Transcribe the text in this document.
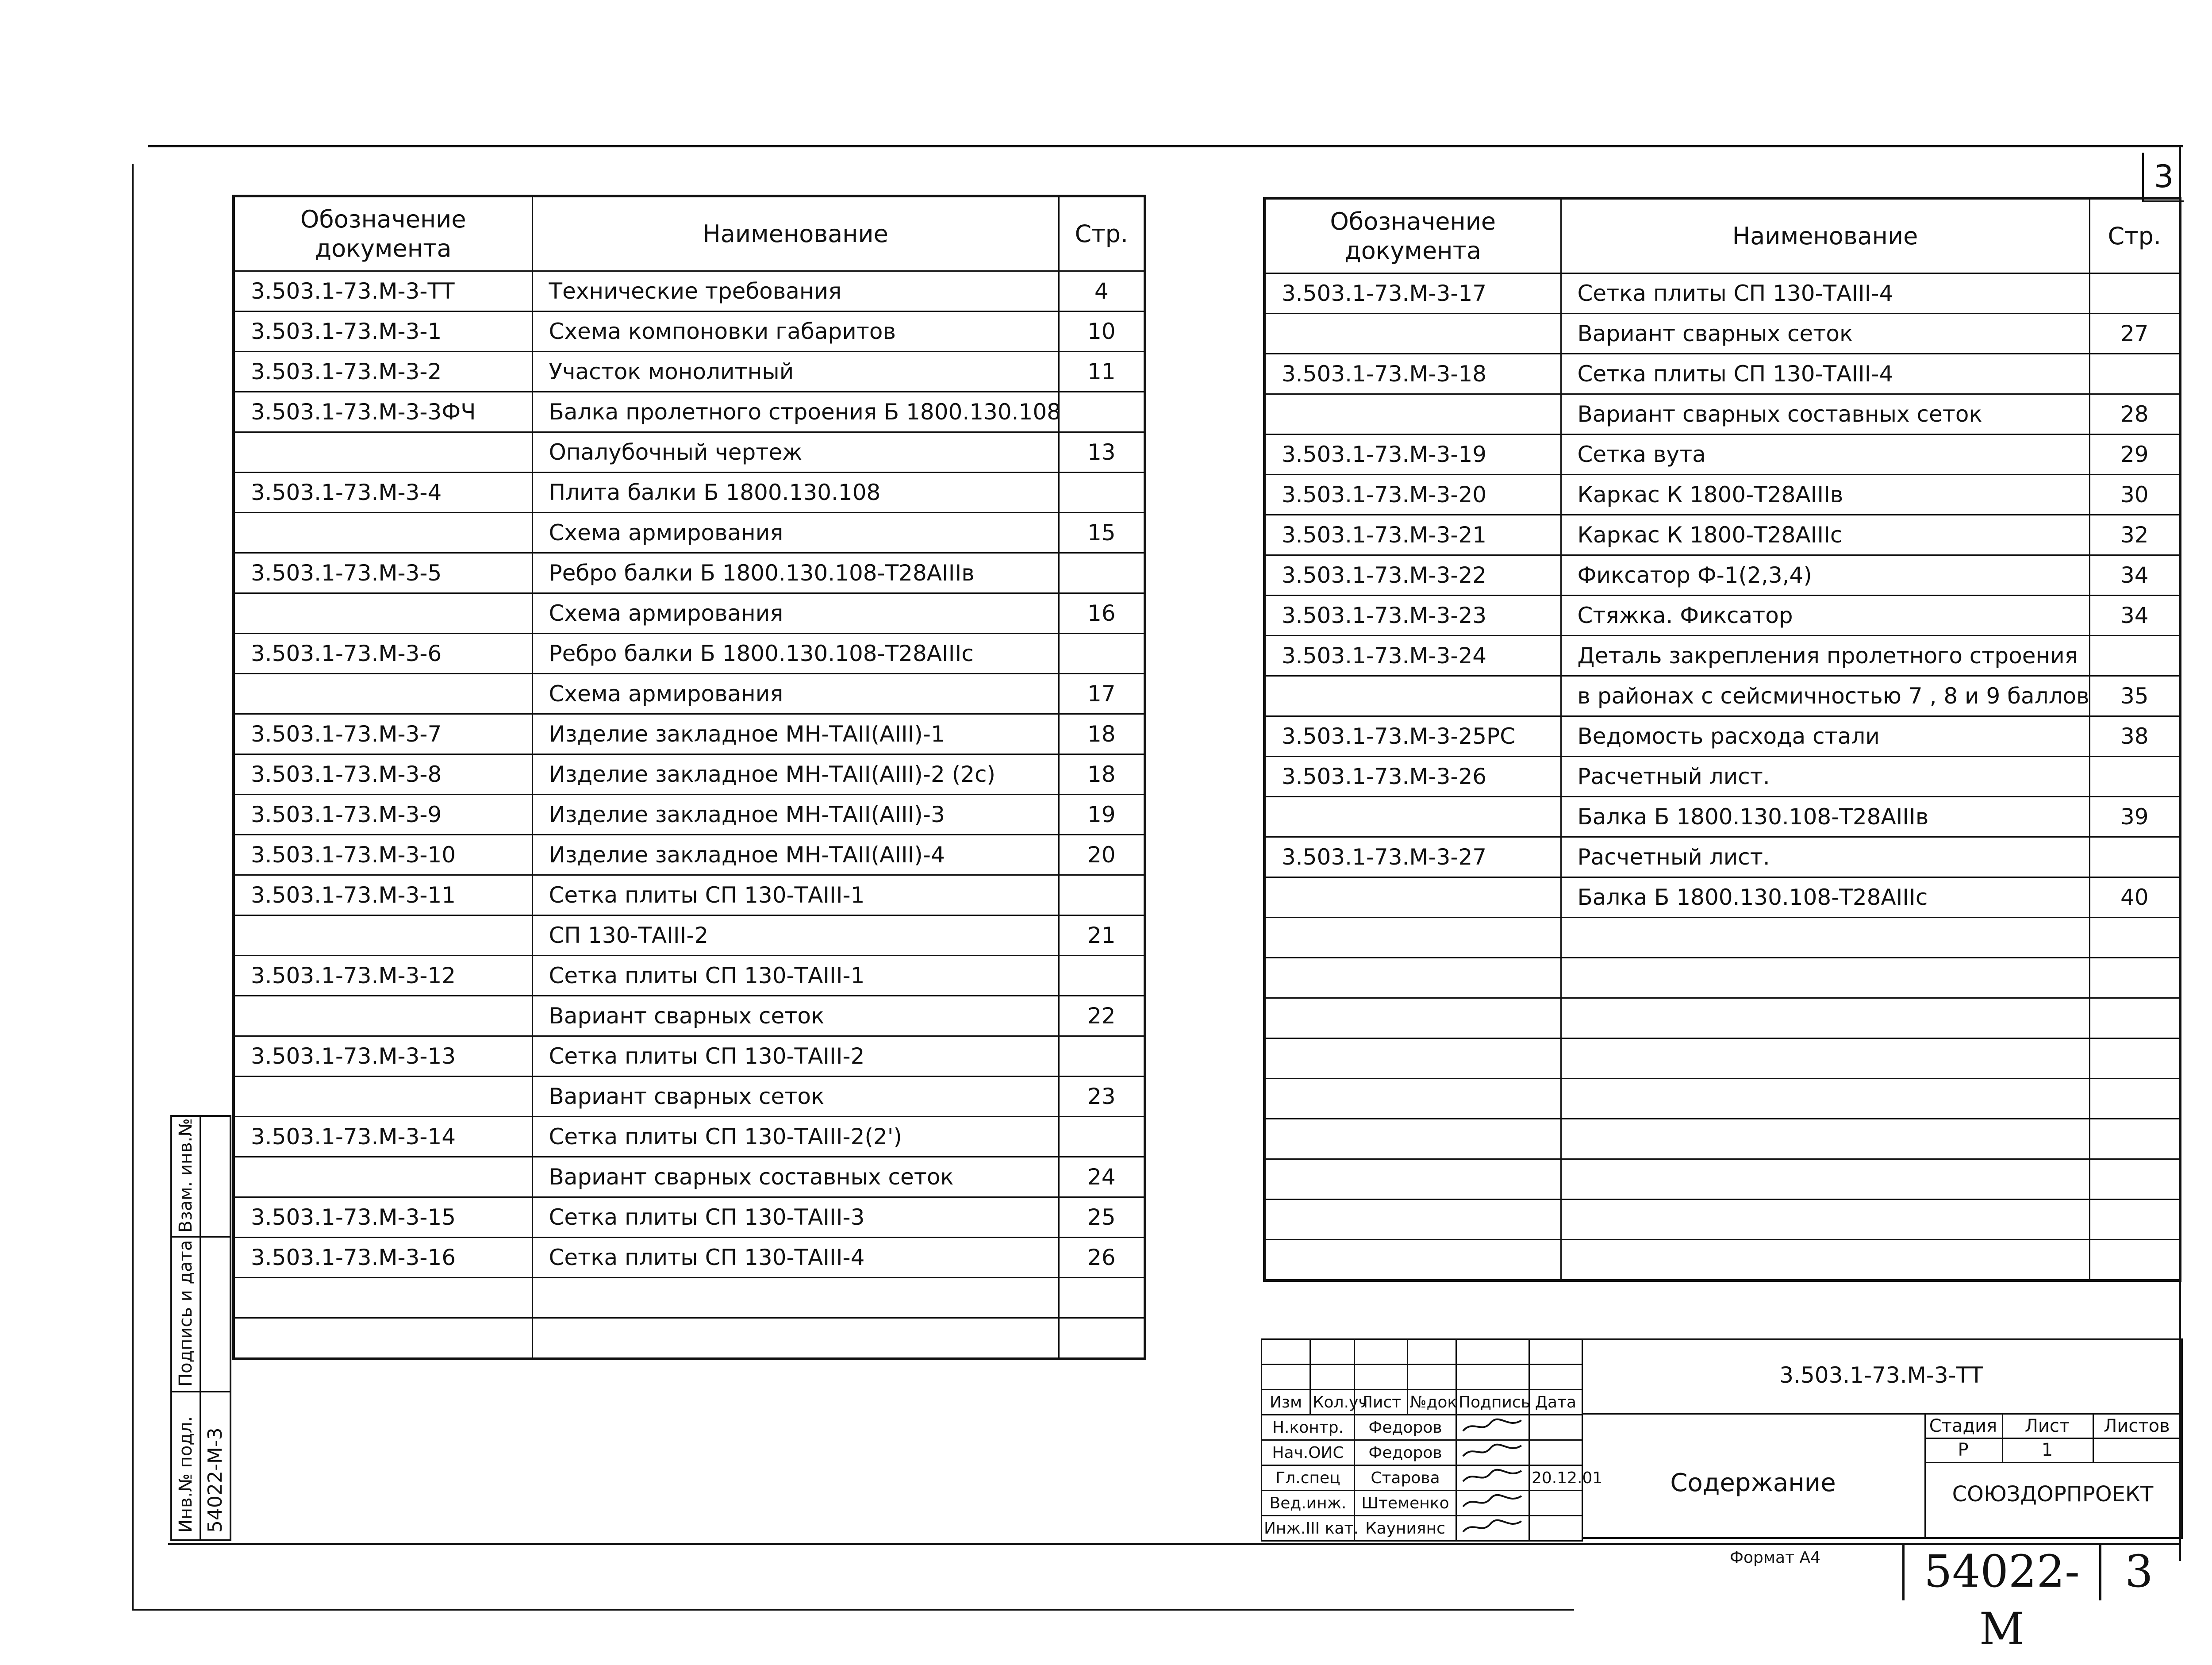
3
Обозначение документа	Наименование	Стр.
3.503.1-73.М-3-ТТ	Технические требования	4
3.503.1-73.М-3-1	Схема компоновки габаритов	10
3.503.1-73.М-3-2	Участок монолитный	11
3.503.1-73.М-3-3ФЧ	Балка пролетного строения Б 1800.130.108	
	Опалубочный чертеж	13
3.503.1-73.М-3-4	Плита балки Б 1800.130.108	
	Схема армирования	15
3.503.1-73.М-3-5	Ребро балки Б 1800.130.108-Т28АIIIв	
	Схема армирования	16
3.503.1-73.М-3-6	Ребро балки Б 1800.130.108-Т28АIIIс	
	Схема армирования	17
3.503.1-73.М-3-7	Изделие закладное МН-ТАII(АIII)-1	18
3.503.1-73.М-3-8	Изделие закладное МН-ТАII(АIII)-2 (2с)	18
3.503.1-73.М-3-9	Изделие закладное МН-ТАII(АIII)-3	19
3.503.1-73.М-3-10	Изделие закладное МН-ТАII(АIII)-4	20
3.503.1-73.М-3-11	Сетка плиты СП 130-ТАIII-1	
	СП 130-ТАIII-2	21
3.503.1-73.М-3-12	Сетка плиты СП 130-ТАIII-1	
	Вариант сварных сеток	22
3.503.1-73.М-3-13	Сетка плиты СП 130-ТАIII-2	
	Вариант сварных сеток	23
3.503.1-73.М-3-14	Сетка плиты СП 130-ТАIII-2(2')	
	Вариант сварных составных сеток	24
3.503.1-73.М-3-15	Сетка плиты СП 130-ТАIII-3	25
3.503.1-73.М-3-16	Сетка плиты СП 130-ТАIII-4	26

Обозначение документа	Наименование	Стр.
3.503.1-73.М-3-17	Сетка плиты СП 130-ТАIII-4	
	Вариант сварных сеток	27
3.503.1-73.М-3-18	Сетка плиты СП 130-ТАIII-4	
	Вариант сварных составных сеток	28
3.503.1-73.М-3-19	Сетка вута	29
3.503.1-73.М-3-20	Каркас К 1800-Т28АIIIв	30
3.503.1-73.М-3-21	Каркас К 1800-Т28АIIIс	32
3.503.1-73.М-3-22	Фиксатор Ф-1(2,3,4)	34
3.503.1-73.М-3-23	Стяжка. Фиксатор	34
3.503.1-73.М-3-24	Деталь закрепления пролетного строения	
	в районах с сейсмичностью 7 , 8 и 9 баллов	35
3.503.1-73.М-3-25РС	Ведомость расхода стали	38
3.503.1-73.М-3-26	Расчетный лист.	
	Балка Б 1800.130.108-Т28АIIIв	39
3.503.1-73.М-3-27	Расчетный лист.	
	Балка Б 1800.130.108-Т28АIIIс	40

Взам. инв.№
Подпись и дата
Инв.№ подл. 54022-М-3

Изм	Кол.уч	Лист	№док	Подпись	Дата
Н.контр.		Федоров		
Нач.ОИС		Федоров		
Гл.спец		Старова			20.12.01
Вед.инж.		Штеменко		
Инж.III кат.		Кауниянс		
3.503.1-73.М-3-ТТ
Содержание
Стадия	Лист	Листов
Р	1
СОЮЗДОРПРОЕКТ
Формат А4	54022-М
3
